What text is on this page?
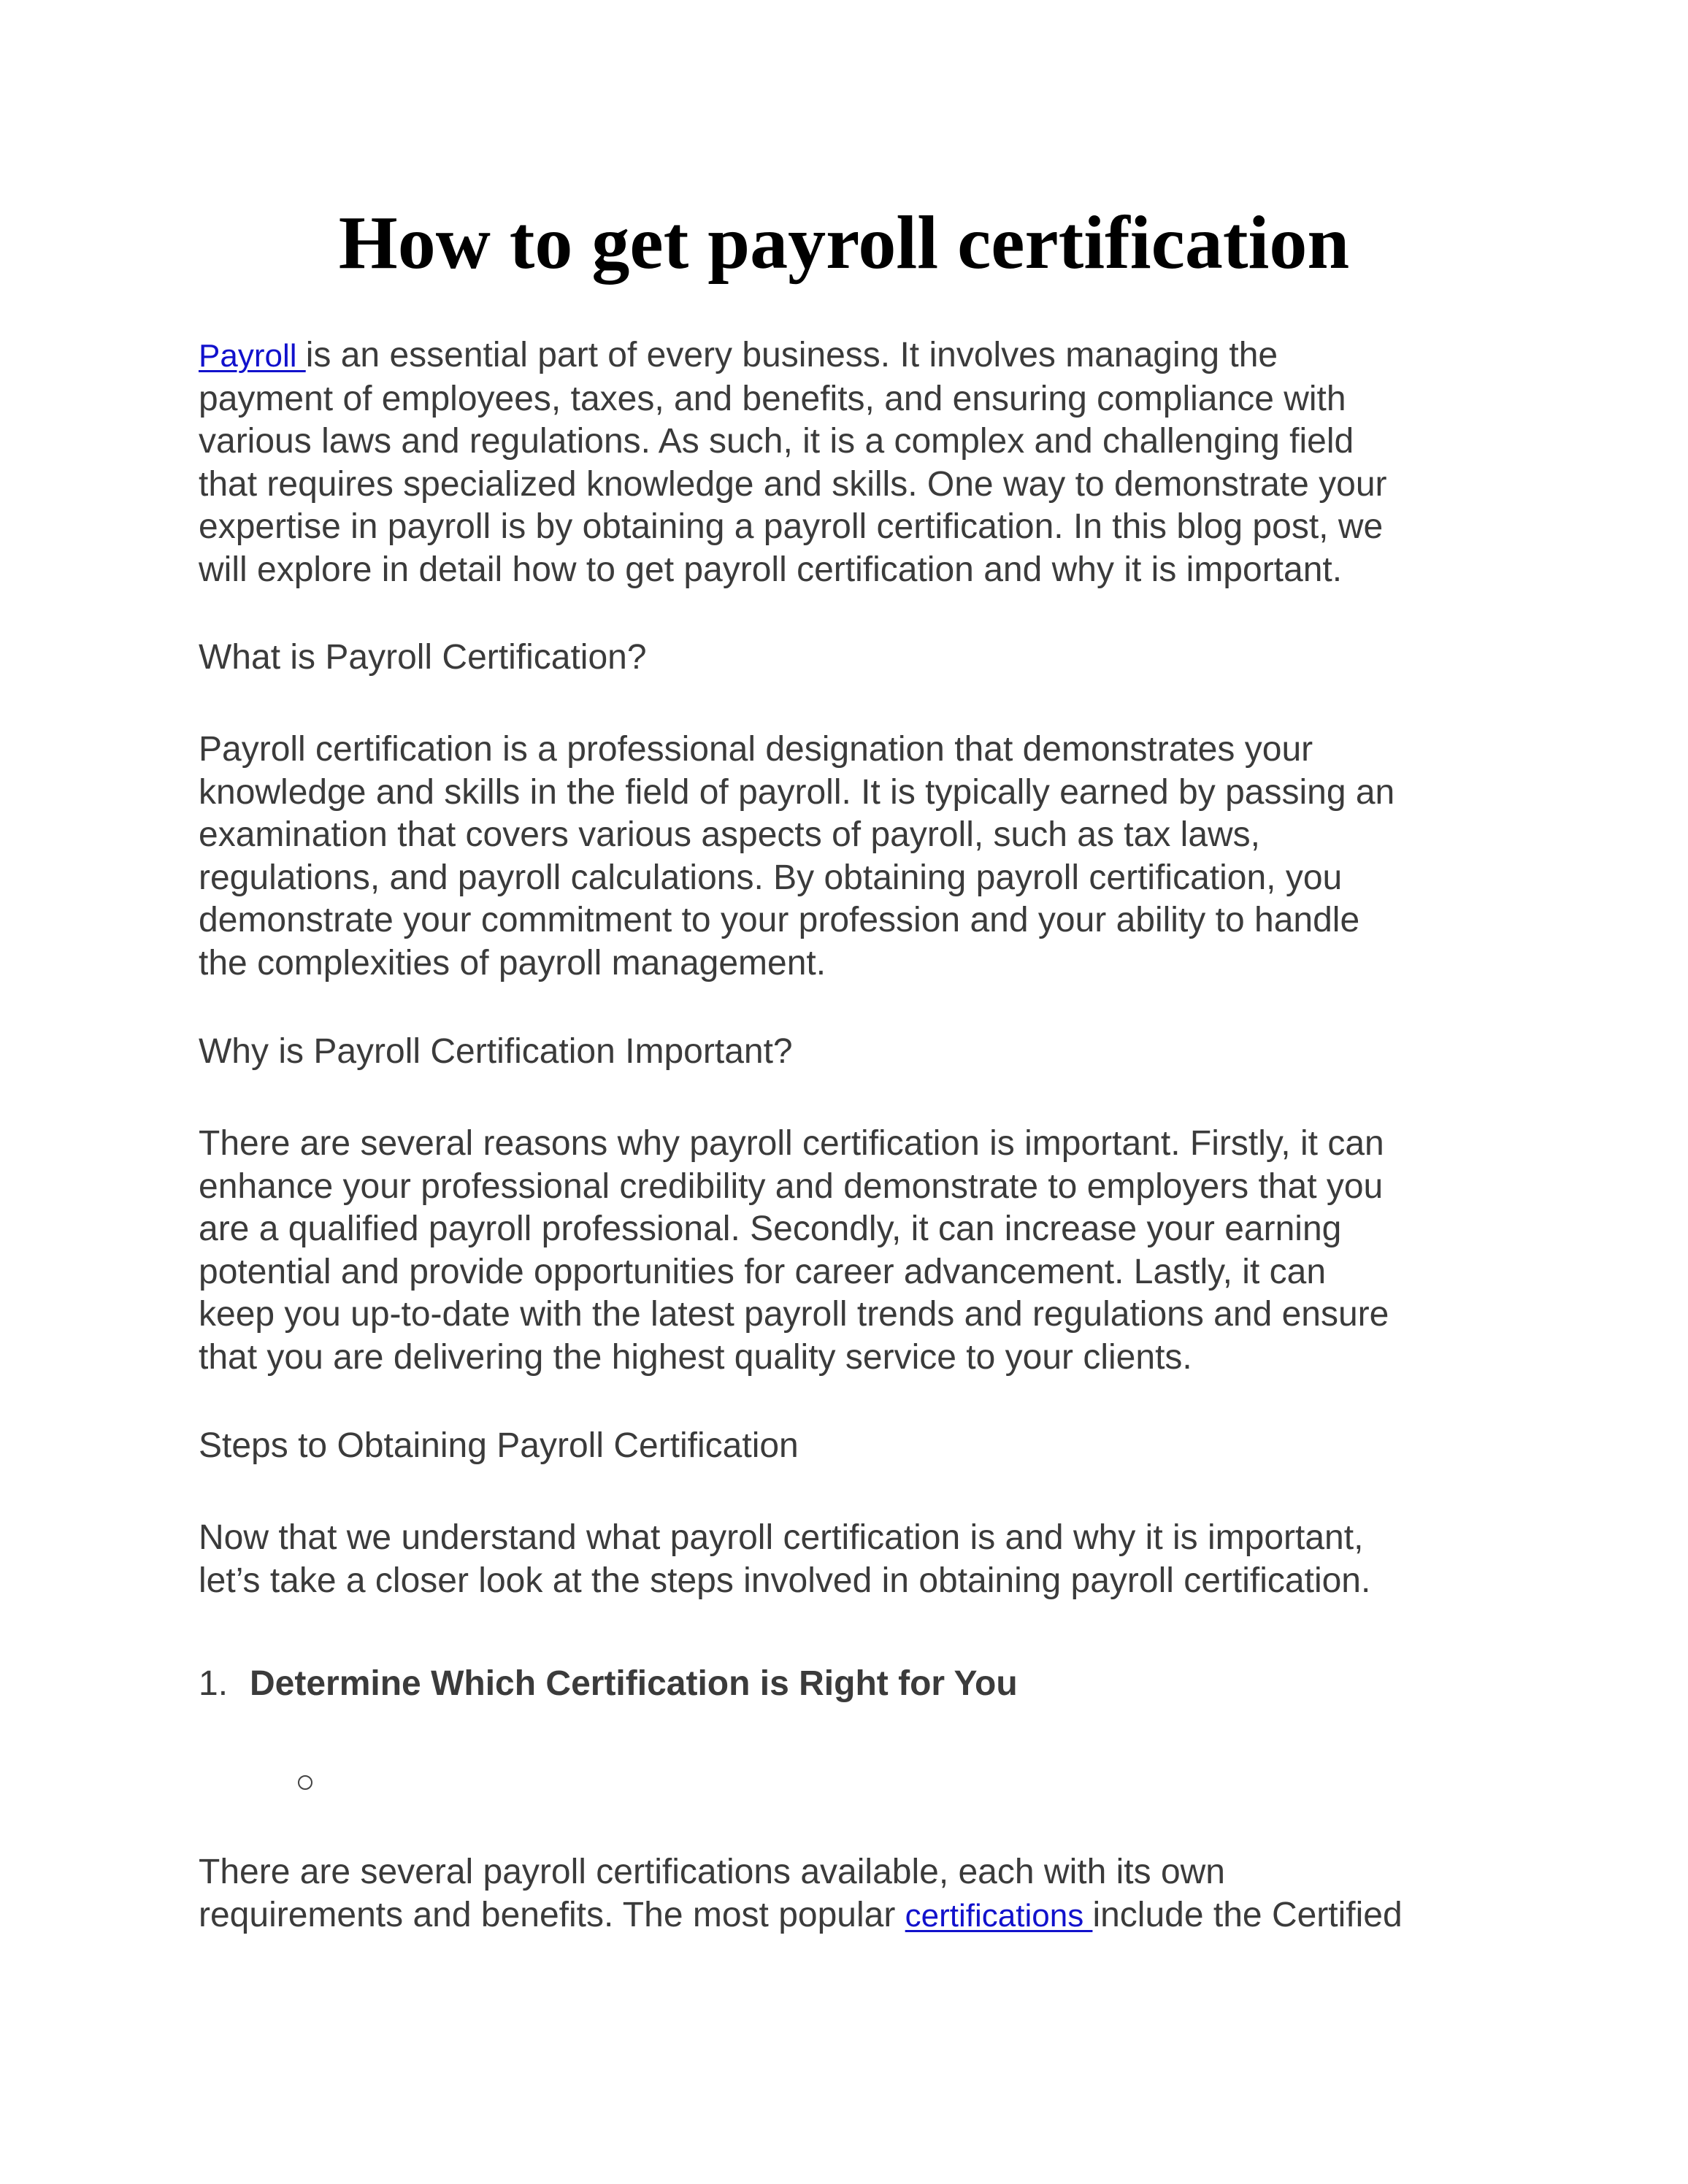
How to get payroll certification

Payroll is an essential part of every business. It involves managing the
payment of employees, taxes, and benefits, and ensuring compliance with
various laws and regulations. As such, it is a complex and challenging field
that requires specialized knowledge and skills. One way to demonstrate your
expertise in payroll is by obtaining a payroll certification. In this blog post, we
will explore in detail how to get payroll certification and why it is important.

What is Payroll Certification?

Payroll certification is a professional designation that demonstrates your
knowledge and skills in the field of payroll. It is typically earned by passing an
examination that covers various aspects of payroll, such as tax laws,
regulations, and payroll calculations. By obtaining payroll certification, you
demonstrate your commitment to your profession and your ability to handle
the complexities of payroll management.

Why is Payroll Certification Important?

There are several reasons why payroll certification is important. Firstly, it can
enhance your professional credibility and demonstrate to employers that you
are a qualified payroll professional. Secondly, it can increase your earning
potential and provide opportunities for career advancement. Lastly, it can
keep you up-to-date with the latest payroll trends and regulations and ensure
that you are delivering the highest quality service to your clients.

Steps to Obtaining Payroll Certification

Now that we understand what payroll certification is and why it is important,
let’s take a closer look at the steps involved in obtaining payroll certification.

1. Determine Which Certification is Right for You

There are several payroll certifications available, each with its own
requirements and benefits. The most popular certifications include the Certified
